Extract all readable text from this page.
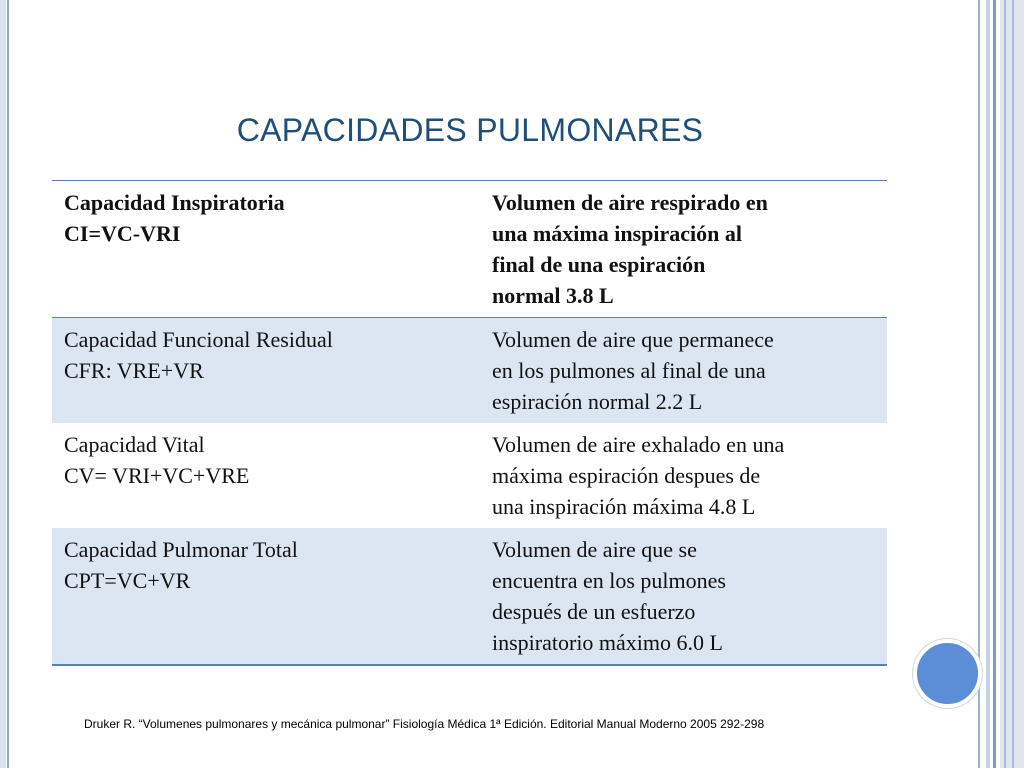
CAPACIDADES PULMONARES
Capacidad Inspiratoria
CI=VC-VRI	Volumen de aire respirado en
una máxima inspiración al
final de una espiración
normal 3.8 L

Capacidad Funcional Residual
CFR: VRE+VR	Volumen de aire que permanece
en los pulmones al final de una
espiración normal 2.2 L

Capacidad Vital
CV= VRI+VC+VRE	Volumen de aire exhalado en una
máxima espiración despues de
una inspiración máxima 4.8 L

Capacidad Pulmonar Total
CPT=VC+VR	Volumen de aire que se
encuentra en los pulmones
después de un esfuerzo
inspiratorio máximo 6.0 L
Druker R. “Volumenes pulmonares y mecánica pulmonar” Fisiología Médica 1ª Edición. Editorial Manual Moderno 2005 292-298
